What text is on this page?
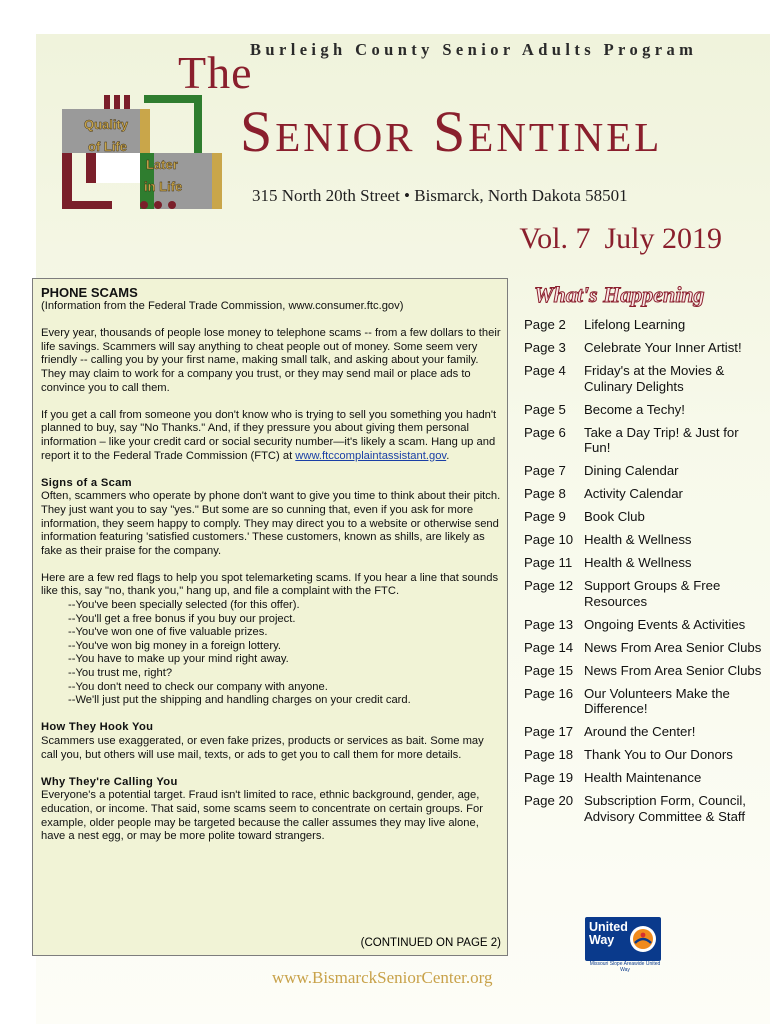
Quality
of Life
Later
in Life
Burleigh County Senior Adults Program
The
Senior Sentinel
315 North 20th Street • Bismarck, North Dakota 58501
Vol. 7 July 2019
PHONE SCAMS

(Information from the Federal Trade Commission, www.consumer.ftc.gov)

Every year, thousands of people lose money to telephone scams -- from a few dollars to their life savings. Scammers will say anything to cheat people out of money. Some seem very friendly -- calling you by your first name, making small talk, and asking about your family. They may claim to work for a company you trust, or they may send mail or place ads to convince you to call them.

If you get a call from someone you don't know who is trying to sell you something you hadn't planned to buy, say "No Thanks." And, if they pressure you about giving them personal information – like your credit card or social security number—it's likely a scam. Hang up and report it to the Federal Trade Commission (FTC) at www.ftccomplaintassistant.gov.

Signs of a Scam

Often, scammers who operate by phone don't want to give you time to think about their pitch. They just want you to say "yes." But some are so cunning that, even if you ask for more information, they seem happy to comply. They may direct you to a website or otherwise send information featuring 'satisfied customers.' These customers, known as shills, are likely as fake as their praise for the company.

Here are a few red flags to help you spot telemarketing scams. If you hear a line that sounds like this, say "no, thank you," hang up, and file a complaint with the FTC.

--You've been specially selected (for this offer).

--You'll get a free bonus if you buy our project.

--You've won one of five valuable prizes.

--You've won big money in a foreign lottery.

--You have to make up your mind right away.

--You trust me, right?

--You don't need to check our company with anyone.

--We'll just put the shipping and handling charges on your credit card.

How They Hook You

Scammers use exaggerated, or even fake prizes, products or services as bait. Some may call you, but others will use mail, texts, or ads to get you to call them for more details.

Why They're Calling You

Everyone's a potential target. Fraud isn't limited to race, ethnic background, gender, age, education, or income. That said, some scams seem to concentrate on certain groups. For example, older people may be targeted because the caller assumes they may live alone, have a nest egg, or may be more polite toward strangers.

(CONTINUED ON PAGE 2)
What's Happening
Page 2	Lifelong Learning
Page 3	Celebrate Your Inner Artist!
Page 4	Friday's at the Movies & Culinary Delights
Page 5	Become a Techy!
Page 6	Take a Day Trip! & Just for Fun!
Page 7	Dining Calendar
Page 8	Activity Calendar
Page 9	Book Club
Page 10 Health & Wellness
Page 11 Health & Wellness
Page 12 Support Groups & Free Resources
Page 13 Ongoing Events & Activities
Page 14 News From Area Senior Clubs
Page 15 News From Area Senior Clubs
Page 16 Our Volunteers Make the Difference!
Page 17 Around the Center!
Page 18 Thank You to Our Donors
Page 19 Health Maintenance
Page 20 Subscription Form, Council, Advisory Committee & Staff
United
Way
Missouri Slope Areawide United Way
www.BismarckSeniorCenter.org
